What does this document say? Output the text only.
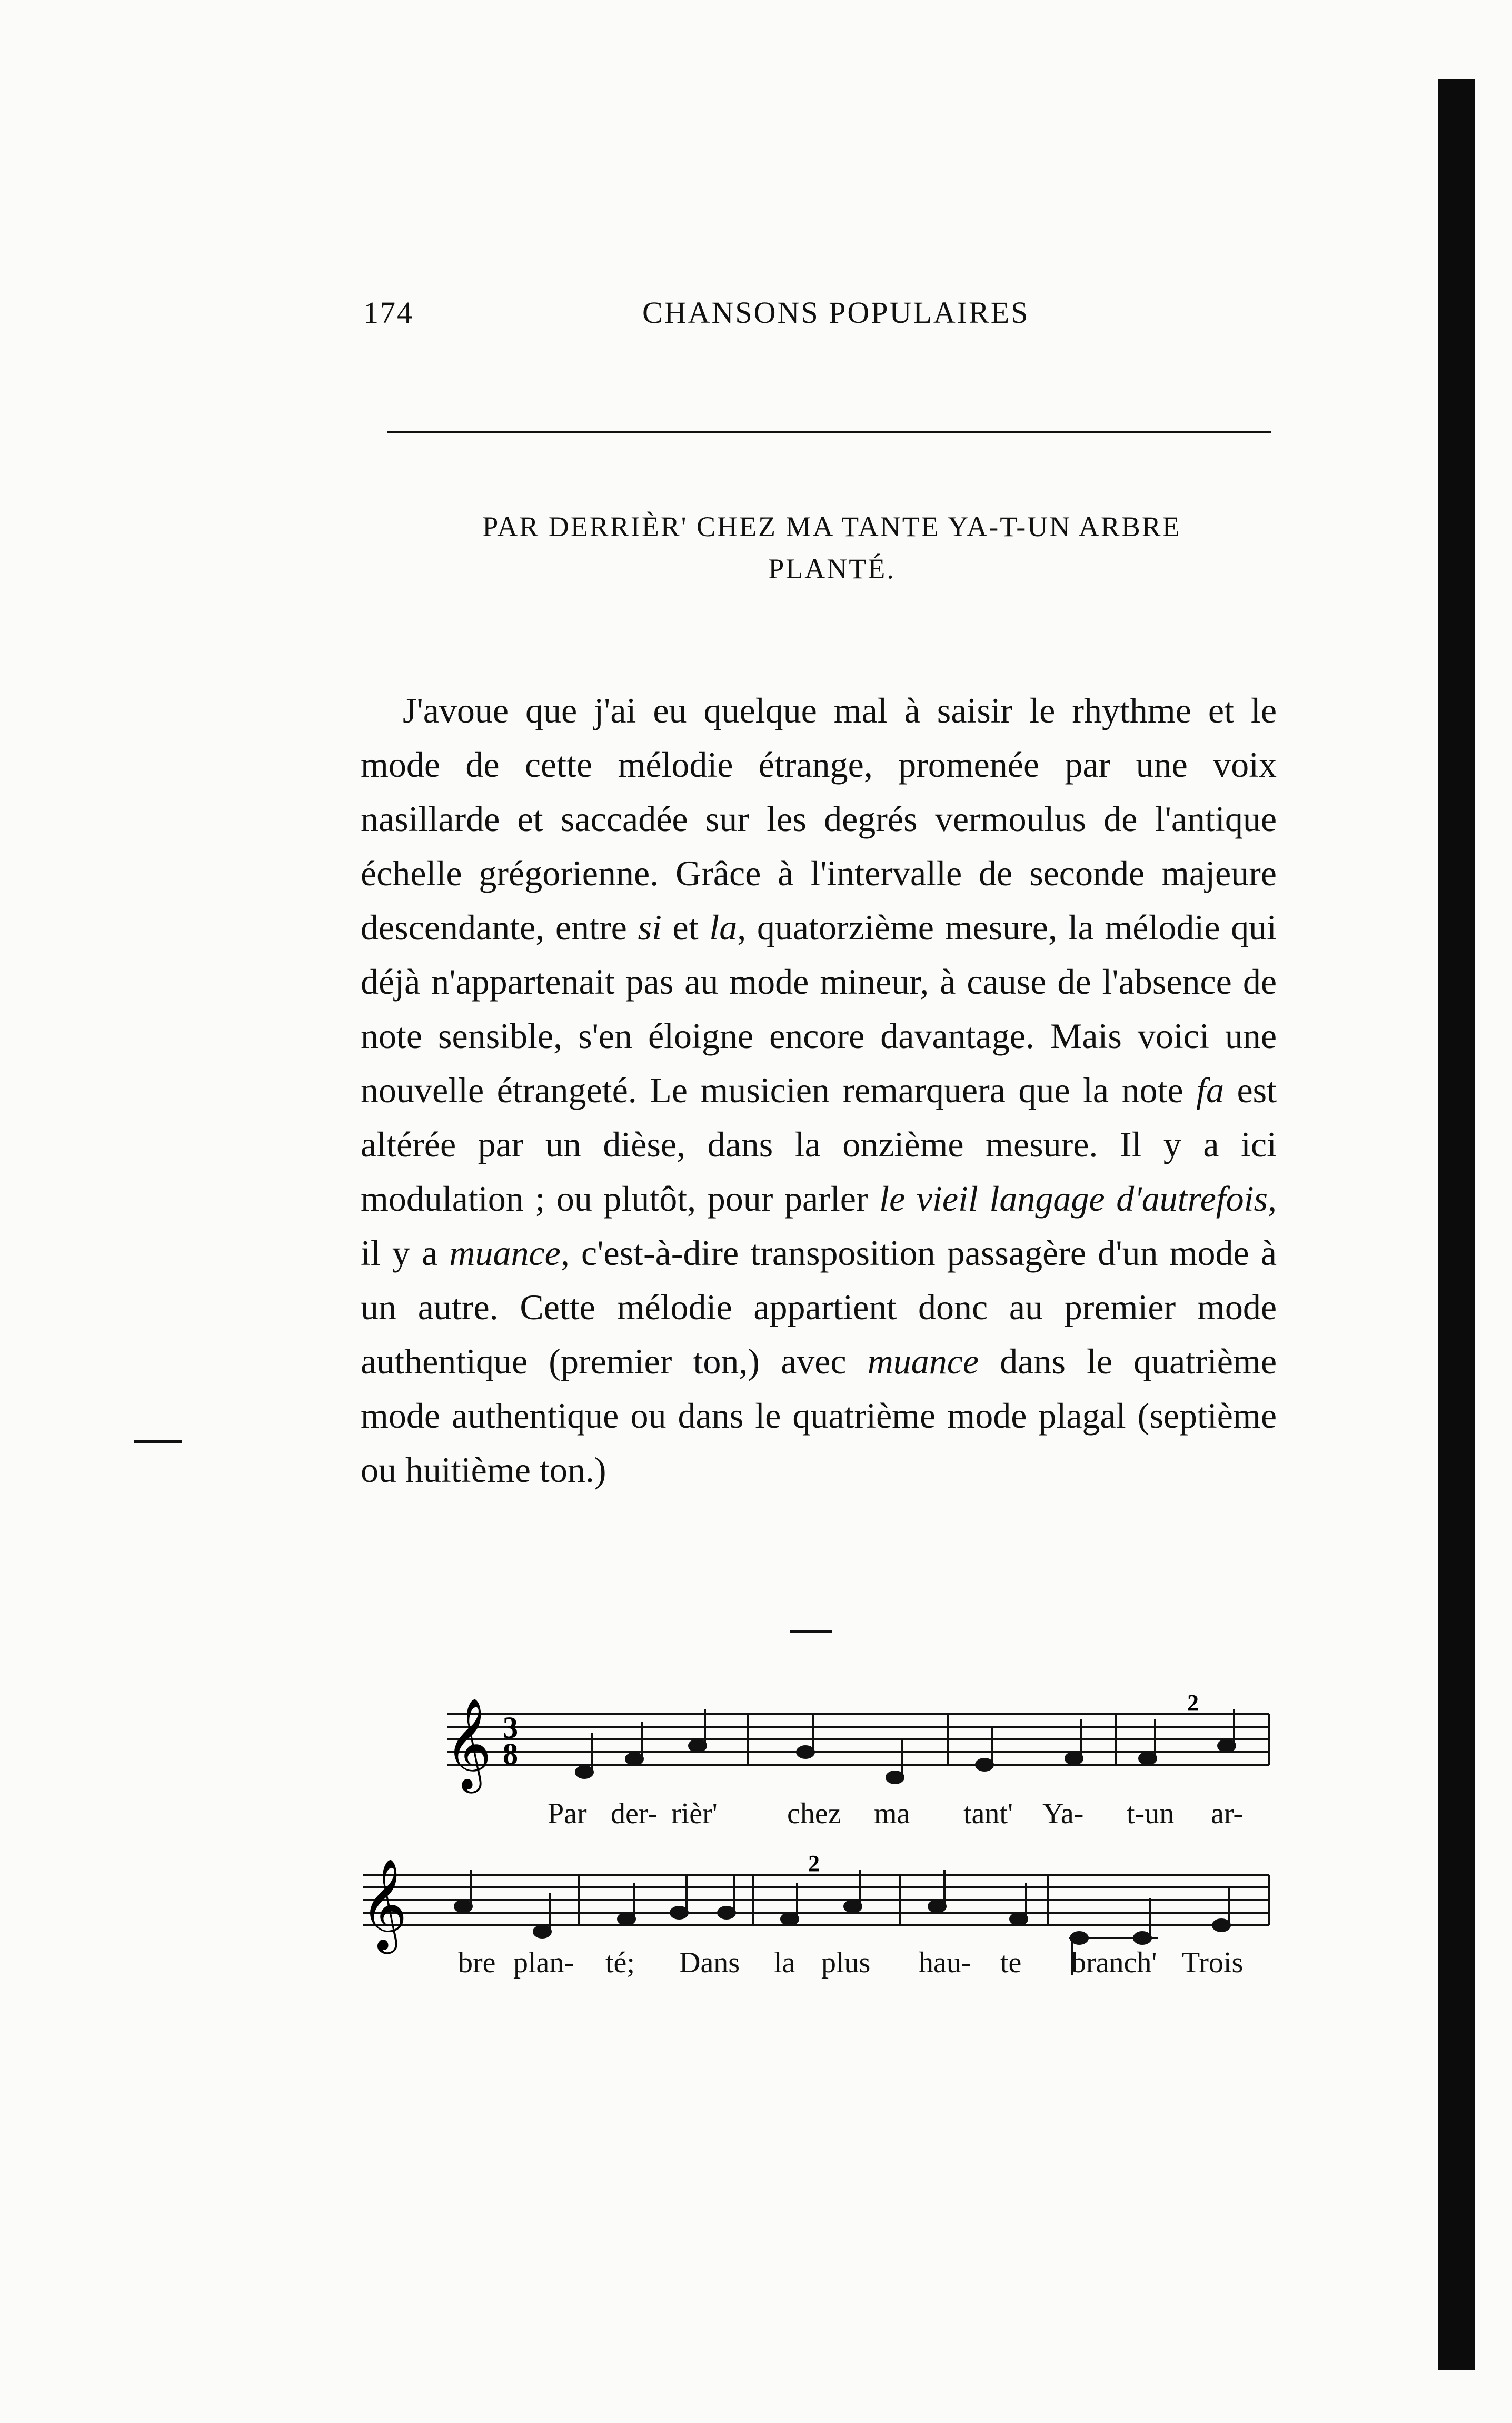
174	CHANSONS POPULAIRES
PAR DERRIÈR' CHEZ MA TANTE YA-T-UN ARBRE
PLANTÉ.

J'avoue que j'ai eu quelque mal à saisir le rhythme et le mode de cette mélodie étrange, promenée par une voix nasillarde et saccadée sur les degrés vermoulus de l'antique échelle grégorienne. Grâce à l'intervalle de seconde majeure descendante, entre si et la, quatorzième mesure, la mélodie qui déjà n'appartenait pas au mode mineur, à cause de l'absence de note sensible, s'en éloigne encore davantage. Mais voici une nouvelle étrangeté. Le musicien remarquera que la note fa est altérée par un dièse, dans la onzième mesure. Il y a ici modulation ; ou plutôt, pour parler le vieil langage d'autrefois, il y a muance, c'est-à-dire transposition passagère d'un mode à un autre. Cette mélodie appartient donc au premier mode authentique (premier ton,) avec muance dans le quatrième mode authentique ou dans le quatrième mode plagal (septième ou huitième ton.)

𝄞 3
8
2
𝄞	2
Par der- rièr' chez ma tant' Ya- t-un ar-
bre plan- té; Dans la plus hau- te branch' Trois
